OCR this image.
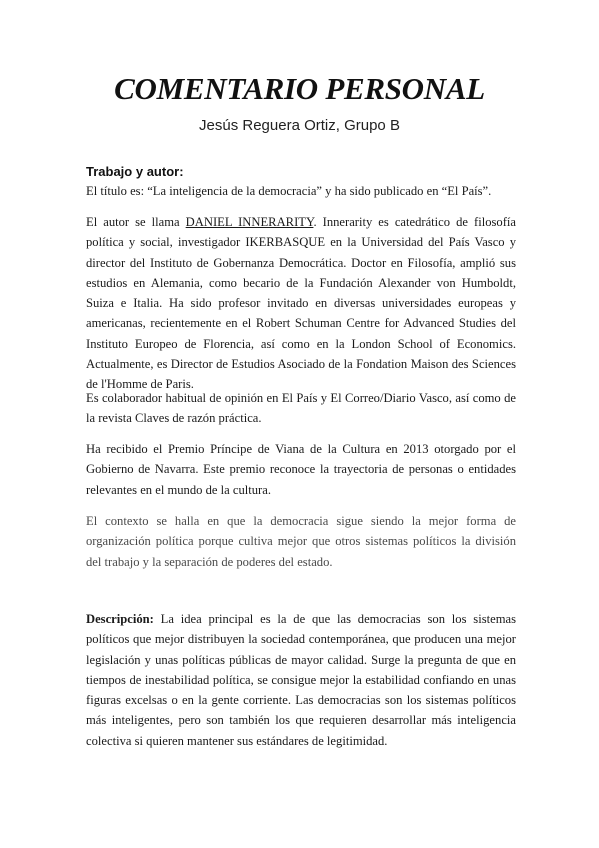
COMENTARIO PERSONAL
Jesús Reguera Ortiz, Grupo B
Trabajo y autor:

El título es: “La inteligencia de la democracia” y ha sido publicado en “El País”.

El autor se llama DANIEL INNERARITY. Innerarity es catedrático de filosofía política y social, investigador IKERBASQUE en la Universidad del País Vasco y director del Instituto de Gobernanza Democrática. Doctor en Filosofía, amplió sus estudios en Alemania, como becario de la Fundación Alexander von Humboldt, Suiza e Italia. Ha sido profesor invitado en diversas universidades europeas y americanas, recientemente en el Robert Schuman Centre for Advanced Studies del Instituto Europeo de Florencia, así como en la London School of Economics. Actualmente, es Director de Estudios Asociado de la Fondation Maison des Sciences de l'Homme de Paris.

Es colaborador habitual de opinión en El País y El Correo/Diario Vasco, así como de la revista Claves de razón práctica.

Ha recibido el Premio Príncipe de Viana de la Cultura en 2013 otorgado por el Gobierno de Navarra. Este premio reconoce la trayectoria de personas o entidades relevantes en el mundo de la cultura.

El contexto se halla en que la democracia sigue siendo la mejor forma de organización política porque cultiva mejor que otros sistemas políticos la división del trabajo y la separación de poderes del estado.

Descripción: La idea principal es la de que las democracias son los sistemas políticos que mejor distribuyen la sociedad contemporánea, que producen una mejor legislación y unas políticas públicas de mayor calidad. Surge la pregunta de que en tiempos de inestabilidad política, se consigue mejor la estabilidad confiando en unas figuras excelsas o en la gente corriente. Las democracias son los sistemas políticos más inteligentes, pero son también los que requieren desarrollar más inteligencia colectiva si quieren mantener sus estándares de legitimidad.
